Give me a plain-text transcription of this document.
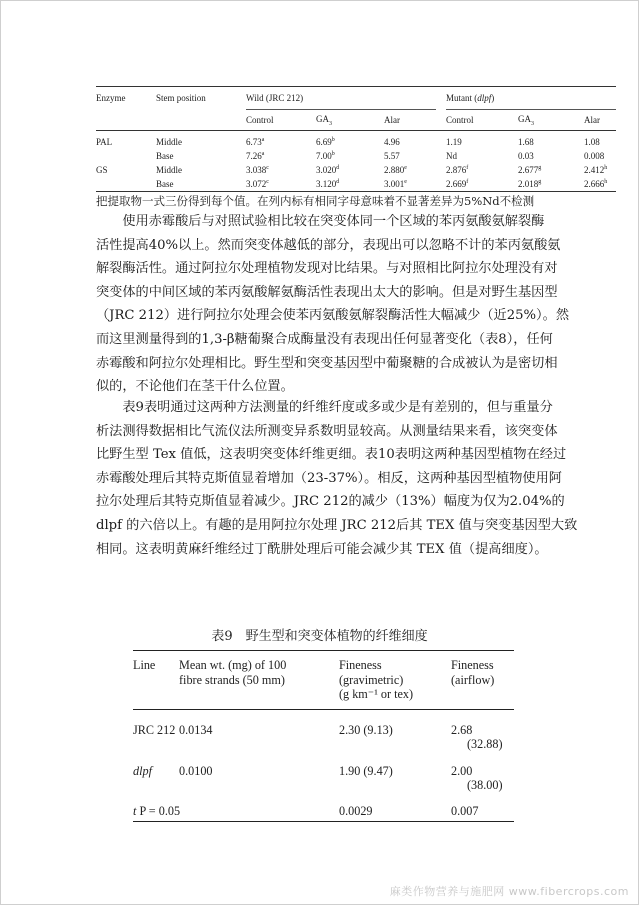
Enzyme	Stem position	Wild (JRC 212)				Mutant (dlpf)		
		Control	$GA_3$	Alar		Control	$GA_3$	Alar
PAL	Middle	6.73$^a$	6.69$^b$	4.96		1.19	1.68	1.08
	Base	7.26$^a$	7.00$^b$	5.57		Nd	0.03	0.008
GS	Middle	3.038$^c$	3.020$^d$	2.880e		2.876$^f$	2.677$^g$	2.412$^h$
	Base	3.072$^c$	3.120$^d$	3.001e		2.669$^f$	2.018$^g$	2.666$^h$
把提取物一式三份得到每个值。在列内标有相同字母意味着不显著差异为5%Nd不检测

　　使用赤霉酸后与对照试验相比较在突变体同一个区域的苯丙氨酸氨解裂酶
活性提高40%以上。然而突变体越低的部分，表现出可以忽略不计的苯丙氨酸氨
解裂酶活性。通过阿拉尔处理植物发现对比结果。与对照相比阿拉尔处理没有对
突变体的中间区域的苯丙氨酸解氨酶活性表现出太大的影响。但是对野生基因型
（JRC 212）进行阿拉尔处理会使苯丙氨酸氨解裂酶活性大幅减少（近25%）。然
而这里测量得到的1,3-β糖葡聚合成酶量没有表现出任何显著变化（表8），任何
赤霉酸和阿拉尔处理相比。野生型和突变基因型中葡聚糖的合成被认为是密切相
似的，不论他们在茎干什么位置。

　　表9表明通过这两种方法测量的纤维纤度或多或少是有差别的，但与重量分
析法测得数据相比气流仪法所测变异系数明显较高。从测量结果来看，该突变体
比野生型 Tex 值低，这表明突变体纤维更细。表10表明这两种基因型植物在经过
赤霉酸处理后其特克斯值显着增加（23-37%）。相反，这两种基因型植物使用阿
拉尔处理后其特克斯值显着减少。JRC 212的减少（13%）幅度为仅为2.04%的
dlpf 的六倍以上。有趣的是用阿拉尔处理 JRC 212后其 TEX 值与突变基因型大致
相同。这表明黄麻纤维经过丁酰肼处理后可能会减少其 TEX 值（提高细度）。

表9　野生型和突变体植物的纤维细度
Line	Mean wt. (mg) of 100
fibre strands (50 mm)	Fineness
(gravimetric)
(g km⁻¹ or tex)	Fineness
(airflow)
JRC 212	0.0134	2.30 (9.13)	2.68
(32.88)
dlpf	0.0100	1.90 (9.47)	2.00
(38.00)
t P = 0.05		0.0029	0.007
麻类作物营养与施肥网 www.fibercrops.com
